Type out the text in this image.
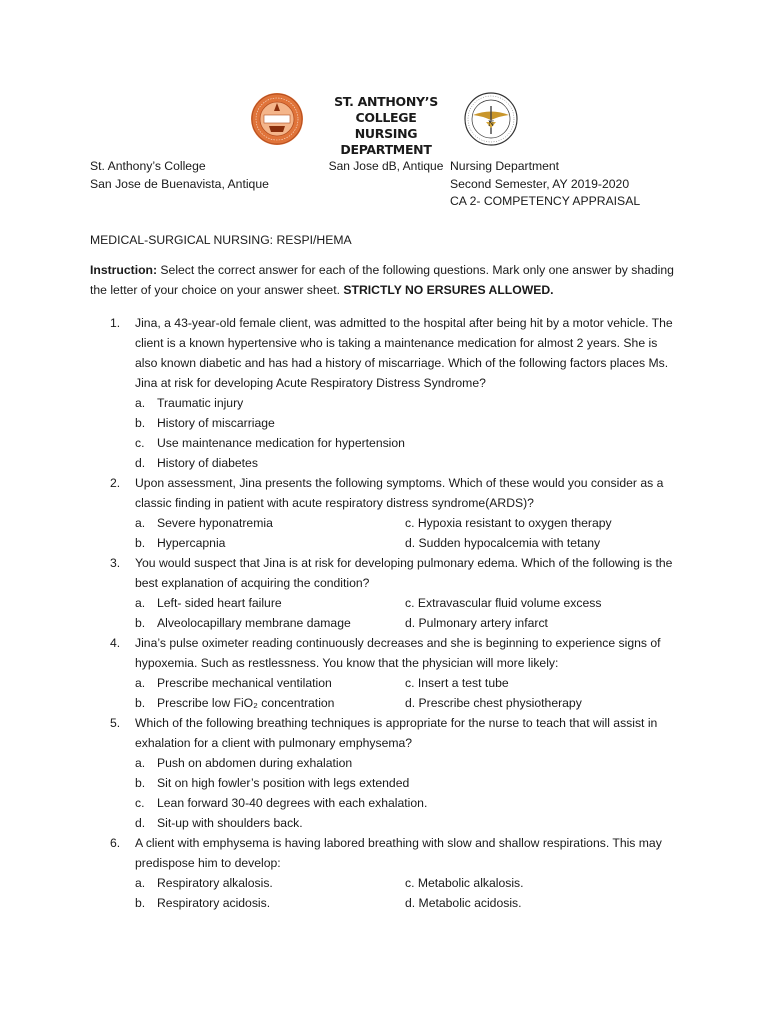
ST. ANTHONY’S COLLEGE
NURSING DEPARTMENT
San Jose dB, Antique
N
St. Anthony’s College
San Jose de Buenavista, Antique
Nursing Department
Second Semester, AY 2019-2020
CA 2- COMPETENCY APPRAISAL
MEDICAL-SURGICAL NURSING: RESPI/HEMA
Instruction: Select the correct answer for each of the following questions. Mark only one answer by shading the letter of your choice on your answer sheet. STRICTLY NO ERSURES ALLOWED.
1. Jina, a 43-year-old female client, was admitted to the hospital after being hit by a motor vehicle. The client is a known hypertensive who is taking a maintenance medication for almost 2 years. She is also known diabetic and has had a history of miscarriage. Which of the following factors places Ms. Jina at risk for developing Acute Respiratory Distress Syndrome?
a. Traumatic injury
b. History of miscarriage
c. Use maintenance medication for hypertension
d. History of diabetes
2. Upon assessment, Jina presents the following symptoms. Which of these would you consider as a classic finding in patient with acute respiratory distress syndrome(ARDS)?
a. Severe hyponatremia	c. Hypoxia resistant to oxygen therapy
b. Hypercapnia	d. Sudden hypocalcemia with tetany
3. You would suspect that Jina is at risk for developing pulmonary edema. Which of the following is the best explanation of acquiring the condition?
a. Left- sided heart failure	c. Extravascular fluid volume excess
b. Alveolocapillary membrane damage	d. Pulmonary artery infarct
4. Jina’s pulse oximeter reading continuously decreases and she is beginning to experience signs of hypoxemia. Such as restlessness. You know that the physician will more likely:
a. Prescribe mechanical ventilation	c. Insert a test tube
b. Prescribe low FiO₂ concentration	d. Prescribe chest physiotherapy
5. Which of the following breathing techniques is appropriate for the nurse to teach that will assist in exhalation for a client with pulmonary emphysema?
a. Push on abdomen during exhalation
b. Sit on high fowler’s position with legs extended
c. Lean forward 30-40 degrees with each exhalation.
d. Sit-up with shoulders back.
6. A client with emphysema is having labored breathing with slow and shallow respirations. This may predispose him to develop:
a. Respiratory alkalosis.	c. Metabolic alkalosis.
b. Respiratory acidosis.	d. Metabolic acidosis.
